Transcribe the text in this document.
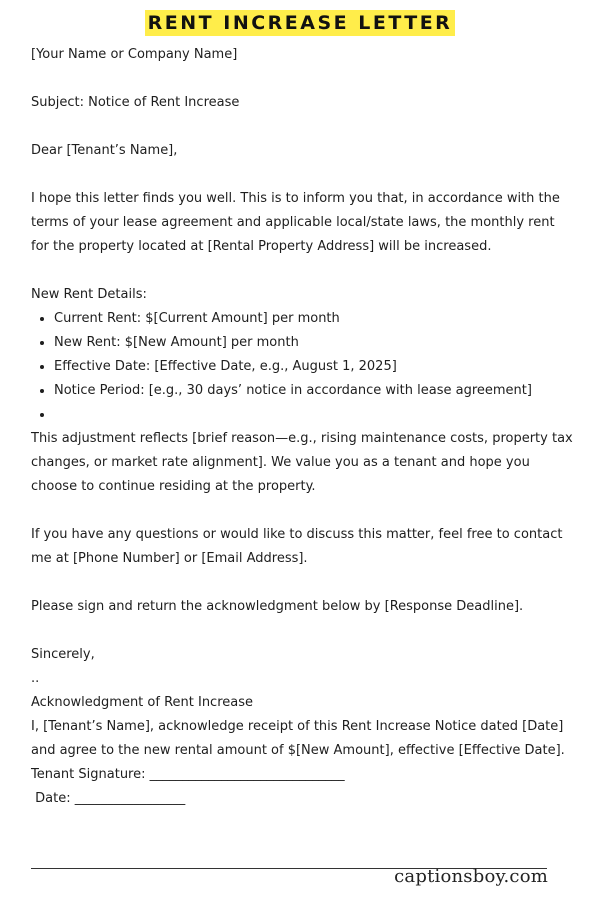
RENT INCREASE LETTER
[Your Name or Company Name]
Subject: Notice of Rent Increase
Dear [Tenant’s Name],
I hope this letter finds you well. This is to inform you that, in accordance with the terms of your lease agreement and applicable local/state laws, the monthly rent for the property located at [Rental Property Address] will be increased.
New Rent Details:
• Current Rent: $[Current Amount] per month
• New Rent: $[New Amount] per month
• Effective Date: [Effective Date, e.g., August 1, 2025]
• Notice Period: [e.g., 30 days’ notice in accordance with lease agreement]
•
This adjustment reflects [brief reason—e.g., rising maintenance costs, property tax changes, or market rate alignment]. We value you as a tenant and hope you choose to continue residing at the property.
If you have any questions or would like to discuss this matter, feel free to contact me at [Phone Number] or [Email Address].
Please sign and return the acknowledgment below by [Response Deadline].
Sincerely,
..
Acknowledgment of Rent Increase
I, [Tenant’s Name], acknowledge receipt of this Rent Increase Notice dated [Date] and agree to the new rental amount of $[New Amount], effective [Effective Date].
Tenant Signature: ______________________________
Date: _________________
captionsboy.com
